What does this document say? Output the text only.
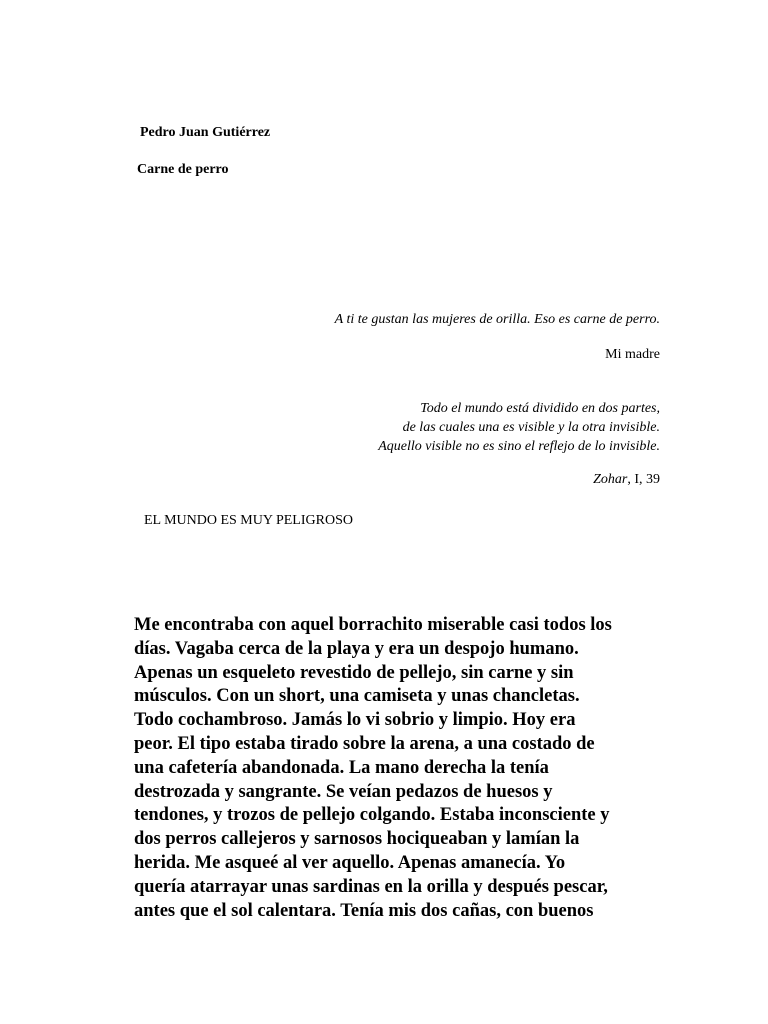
Pedro Juan Gutiérrez
Carne de perro
A ti te gustan las mujeres de orilla. Eso es carne de perro.
Mi madre
Todo el mundo está dividido en dos partes,
de las cuales una es visible y la otra invisible.
Aquello visible no es sino el reflejo de lo invisible.
Zohar, I, 39
EL MUNDO ES MUY PELIGROSO
Me encontraba con aquel borrachito miserable casi todos los
días. Vagaba cerca de la playa y era un despojo humano.
Apenas un esqueleto revestido de pellejo, sin carne y sin
músculos. Con un short, una camiseta y unas chancletas.
Todo cochambroso. Jamás lo vi sobrio y limpio. Hoy era
peor. El tipo estaba tirado sobre la arena, a una costado de
una cafetería abandonada. La mano derecha la tenía
destrozada y sangrante. Se veían pedazos de huesos y
tendones, y trozos de pellejo colgando. Estaba inconsciente y
dos perros callejeros y sarnosos hociqueaban y lamían la
herida. Me asqueé al ver aquello. Apenas amanecía. Yo
quería atarrayar unas sardinas en la orilla y después pescar,
antes que el sol calentara. Tenía mis dos cañas, con buenos
